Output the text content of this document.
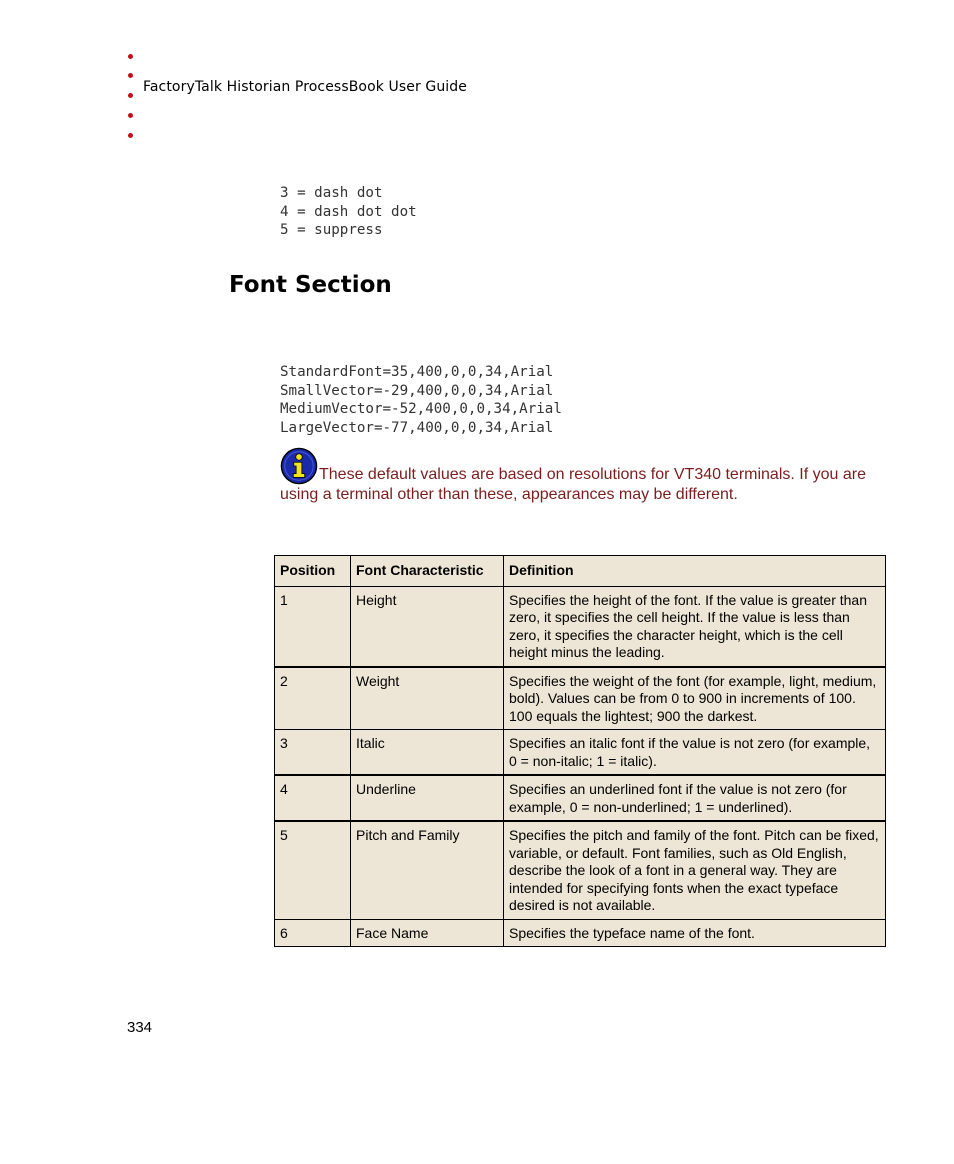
FactoryTalk Historian ProcessBook User Guide
3 = dash dot
4 = dash dot dot
5 = suppress
Font Section
StandardFont=35,400,0,0,34,Arial
SmallVector=-29,400,0,0,34,Arial
MediumVector=-52,400,0,0,34,Arial
LargeVector=-77,400,0,0,34,Arial
These default values are based on resolutions for VT340 terminals. If you are using a terminal other than these, appearances may be different.
Position	Font Characteristic	Definition
1	Height	Specifies the height of the font. If the value is greater than zero, it specifies the cell height. If the value is less than zero, it specifies the character height, which is the cell height minus the leading.
2	Weight	Specifies the weight of the font (for example, light, medium, bold). Values can be from 0 to 900 in increments of 100. 100 equals the lightest; 900 the darkest.
3	Italic	Specifies an italic font if the value is not zero (for example, 0 = non-italic; 1 = italic).
4	Underline	Specifies an underlined font if the value is not zero (for example, 0 = non-underlined; 1 = underlined).
5	Pitch and Family	Specifies the pitch and family of the font. Pitch can be fixed, variable, or default. Font families, such as Old English, describe the look of a font in a general way. They are intended for specifying fonts when the exact typeface desired is not available.
6	Face Name	Specifies the typeface name of the font.
334
